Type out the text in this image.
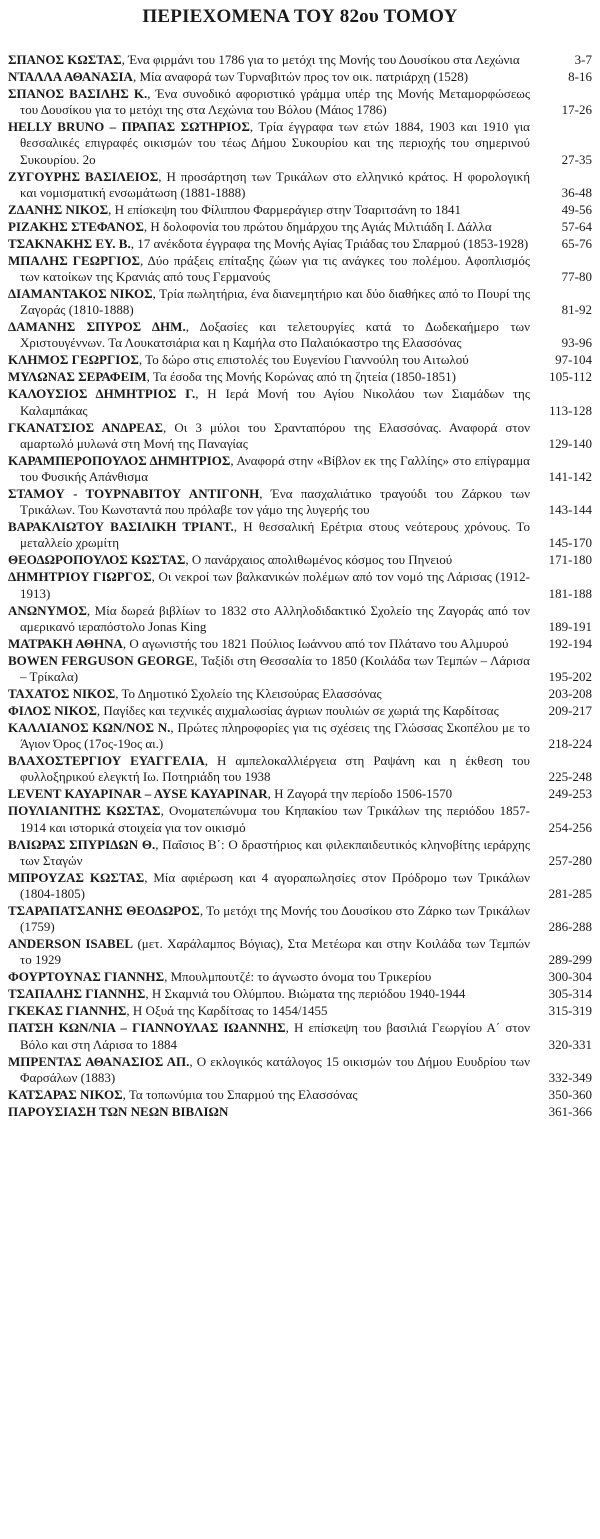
ΠΕΡΙΕΧΟΜΕΝΑ ΤΟΥ 82ου ΤΟΜΟΥ
ΣΠΑΝΟΣ ΚΩΣΤΑΣ, Ένα φιρμάνι του 1786 για το μετόχι της Μονής του Δουσίκου στα Λεχώνια	3-7
ΝΤΑΛΛΑ ΑΘΑΝΑΣΙΑ, Μία αναφορά των Τυρναβιτών προς τον οικ. πατριάρχη (1528)	8-16
ΣΠΑΝΟΣ ΒΑΣΙΛΗΣ Κ., Ένα συνοδικό αφοριστικό γράμμα υπέρ της Μονής Μεταμορφώσεως του Δουσίκου για το μετόχι της στα Λεχώνια του Βόλου (Μάιος 1786)	17-26
HELLY BRUNO – ΠΡΑΠΑΣ ΣΩΤΗΡΙΟΣ, Τρία έγγραφα των ετών 1884, 1903 και 1910 για θεσσαλικές επιγραφές οικισμών του τέως Δήμου Συκουρίου και της περιοχής του σημερινού Συκουρίου. 2ο	27-35
ΖΥΓΟΥΡΗΣ ΒΑΣΙΛΕΙΟΣ, Η προσάρτηση των Τρικάλων στο ελληνικό κράτος. Η φορολογική και νομισματική ενσωμάτωση (1881-1888)	36-48
ΖΔΑΝΗΣ ΝΙΚΟΣ, Η επίσκεψη του Φίλιππου Φαρμεράγιερ στην Τσαριτσάνη το 1841	49-56
ΡΙΖΑΚΗΣ ΣΤΕΦΑΝΟΣ, Η δολοφονία του πρώτου δημάρχου της Αγιάς Μιλτιάδη Ι. Δάλλα	57-64
ΤΣΑΚΝΑΚΗΣ ΕΥ. Β., 17 ανέκδοτα έγγραφα της Μονής Αγίας Τριάδας του Σπαρμού (1853-1928)	65-76
ΜΠΑΛΗΣ ΓΕΩΡΓΙΟΣ, Δύο πράξεις επίταξης ζώων για τις ανάγκες του πολέμου. Αφοπλισμός των κατοίκων της Κρανιάς από τους Γερμανούς	77-80
ΔΙΑΜΑΝΤΑΚΟΣ ΝΙΚΟΣ, Τρία πωλητήρια, ένα διανεμητήριο και δύο διαθήκες από το Πουρί της Ζαγοράς (1810-1888)	81-92
ΔΑΜΑΝΗΣ ΣΠΥΡΟΣ ΔΗΜ., Δοξασίες και τελετουργίες κατά το Δωδεκαήμερο των Χριστουγέννων. Τα Λουκατσιάρια και η Καμήλα στο Παλαιόκαστρο της Ελασσόνας	93-96
ΚΛΗΜΟΣ ΓΕΩΡΓΙΟΣ, Το δώρο στις επιστολές του Ευγενίου Γιαννούλη του Αιτωλού	97-104
ΜΥΛΩΝΑΣ ΣΕΡΑΦΕΙΜ, Τα έσοδα της Μονής Κορώνας από τη ζητεία (1850-1851)	105-112
ΚΑΛΟΥΣΙΟΣ ΔΗΜΗΤΡΙΟΣ Γ., Η Ιερά Μονή του Αγίου Νικολάου των Σιαμάδων της Καλαμπάκας	113-128
ΓΚΑΝΑΤΣΙΟΣ ΑΝΔΡΕΑΣ, Οι 3 μύλοι του Σρανταπόρου της Ελασσόνας. Αναφορά στον αμαρτωλό μυλωνά στη Μονή της Παναγίας	129-140
ΚΑΡΑΜΠΕΡΟΠΟΥΛΟΣ ΔΗΜΗΤΡΙΟΣ, Αναφορά στην «Βίβλον εκ της Γαλλίης» στο επίγραμμα του Φυσικής Απάνθισμα	141-142
ΣΤΑΜΟΥ - ΤΟΥΡΝΑΒΙΤΟΥ ΑΝΤΙΓΟΝΗ, Ένα πασχαλιάτικο τραγούδι του Ζάρκου των Τρικάλων. Του Κωνσταντά που πρόλαβε τον γάμο της λυγερής του	143-144
ΒΑΡΑΚΛΙΩΤΟΥ ΒΑΣΙΛΙΚΗ ΤΡΙΑΝΤ., Η θεσσαλική Ερέτρια στους νεότερους χρόνους. Το μεταλλείο χρωμίτη	145-170
ΘΕΟΔΩΡΟΠΟΥΛΟΣ ΚΩΣΤΑΣ, Ο πανάρχαιος απολιθωμένος κόσμος του Πηνειού	171-180
ΔΗΜΗΤΡΙΟΥ ΓΙΩΡΓΟΣ, Οι νεκροί των βαλκανικών πολέμων από τον νομό της Λάρισας (1912-1913)	181-188
ΑΝΩΝΥΜΟΣ, Μία δωρεά βιβλίων το 1832 στο Αλληλοδιδακτικό Σχολείο της Ζαγοράς από τον αμερικανό ιεραπόστολο Jonas King	189-191
ΜΑΤΡΑΚΗ ΑΘΗΝΑ, Ο αγωνιστής του 1821 Πούλιος Ιωάννου από τον Πλάτανο του Αλμυρού	192-194
BOWEN FERGUSON GEORGE, Ταξίδι στη Θεσσαλία το 1850 (Κοιλάδα των Τεμπών – Λάρισα – Τρίκαλα)	195-202
ΤΑΧΑΤΟΣ ΝΙΚΟΣ, Το Δημοτικό Σχολείο της Κλεισούρας Ελασσόνας	203-208
ΦΙΛΟΣ ΝΙΚΟΣ, Παγίδες και τεχνικές αιχμαλωσίας άγριων πουλιών σε χωριά της Καρδίτσας	209-217
ΚΑΛΛΙΑΝΟΣ ΚΩΝ/ΝΟΣ Ν., Πρώτες πληροφορίες για τις σχέσεις της Γλώσσας Σκοπέλου με το Άγιον Όρος (17ος-19ος αι.)	218-224
ΒΛΑΧΟΣΤΕΡΓΙΟΥ ΕΥΑΓΓΕΛΙΑ, Η αμπελοκαλλιέργεια στη Ραψάνη και η έκθεση του φυλλοξηρικού ελεγκτή Ιω. Ποτηριάδη του 1938	225-248
LEVENT KAYAPINAR – AYSE KAYAPINAR, Η Ζαγορά την περίοδο 1506-1570	249-253
ΠΟΥΛΙΑΝΙΤΗΣ ΚΩΣΤΑΣ, Ονοματεπώνυμα του Κηπακίου των Τρικάλων της περιόδου 1857-1914 και ιστορικά στοιχεία για τον οικισμό	254-256
ΒΛΙΩΡΑΣ ΣΠΥΡΙΔΩΝ Θ., Παΐσιος Β΄: Ο δραστήριος και φιλεκπαιδευτικός κληνοβίτης ιεράρχης των Σταγών	257-280
ΜΠΡΟΥΖΑΣ ΚΩΣΤΑΣ, Μία αφιέρωση και 4 αγοραπωλησίες στον Πρόδρομο των Τρικάλων (1804-1805)	281-285
ΤΣΑΡΑΠΑΤΣΑΝΗΣ ΘΕΟΔΩΡΟΣ, Το μετόχι της Μονής του Δουσίκου στο Ζάρκο των Τρικάλων (1759)	286-288
ANDERSON ISABEL (μετ. Χαράλαμπος Βόγιας), Στα Μετέωρα και στην Κοιλάδα των Τεμπών το 1929	289-299
ΦΟΥΡΤΟΥΝΑΣ ΓΙΑΝΝΗΣ, Μπουλμπουτζέ: το άγνωστο όνομα του Τρικερίου	300-304
ΤΣΑΠΑΛΗΣ ΓΙΑΝΝΗΣ, Η Σκαμνιά του Ολύμπου. Βιώματα της περιόδου 1940-1944	305-314
ΓΚΕΚΑΣ ΓΙΑΝΝΗΣ, Η Οξυά της Καρδίτσας το 1454/1455	315-319
ΠΑΤΣΗ ΚΩΝ/ΝΙΑ – ΓΙΑΝΝΟΥΛΑΣ ΙΩΑΝΝΗΣ, Η επίσκεψη του βασιλιά Γεωργίου Α΄ στον Βόλο και στη Λάρισα το 1884	320-331
ΜΠΡΕΝΤΑΣ ΑΘΑΝΑΣΙΟΣ ΑΠ., Ο εκλογικός κατάλογος 15 οικισμών του Δήμου Ευυδρίου των Φαρσάλων (1883)	332-349
ΚΑΤΣΑΡΑΣ ΝΙΚΟΣ, Τα τοπωνύμια του Σπαρμού της Ελασσόνας	350-360
ΠΑΡΟΥΣΙΑΣΗ ΤΩΝ ΝΕΩΝ ΒΙΒΛΙΩΝ	361-366
